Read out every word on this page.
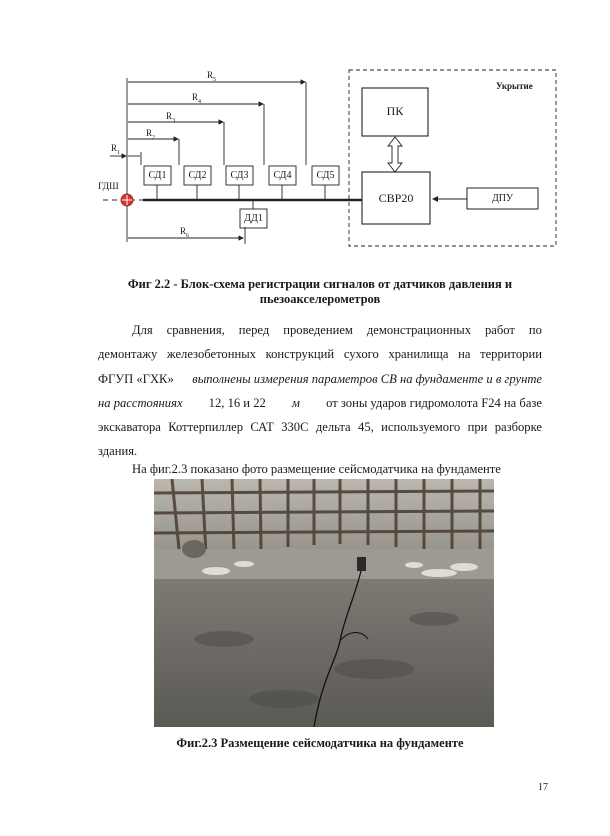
$R_5$
$R_4$
$R_3$
$R_2$
$R_1$
$R_6$
ГДШ
СД1	СД2	СД3	СД4	СД5
ДД1
Укрытие
ПК
СВР20	ДПУ
Фиг 2.2 - Блок-схема регистрации сигналов от датчиков давления и
пьезоакселерометров
Для сравнения, перед проведением демонстрационных работ по
демонтажу железобетонных конструкций сухого хранилища на территории
ФГУП «ГХК» выполнены измерения параметров СВ на фундаменте и в грунте
на расстояниях 12, 16 и 22 м от зоны ударов гидромолота F24 на базе
экскаватора Коттерпиллер САТ 330С дельта 45, используемого при разборке
здания.
На фиг.2.3 показано фото размещение сейсмодатчика на фундаменте
Фиг.2.3 Размещение сейсмодатчика на фундаменте
17
